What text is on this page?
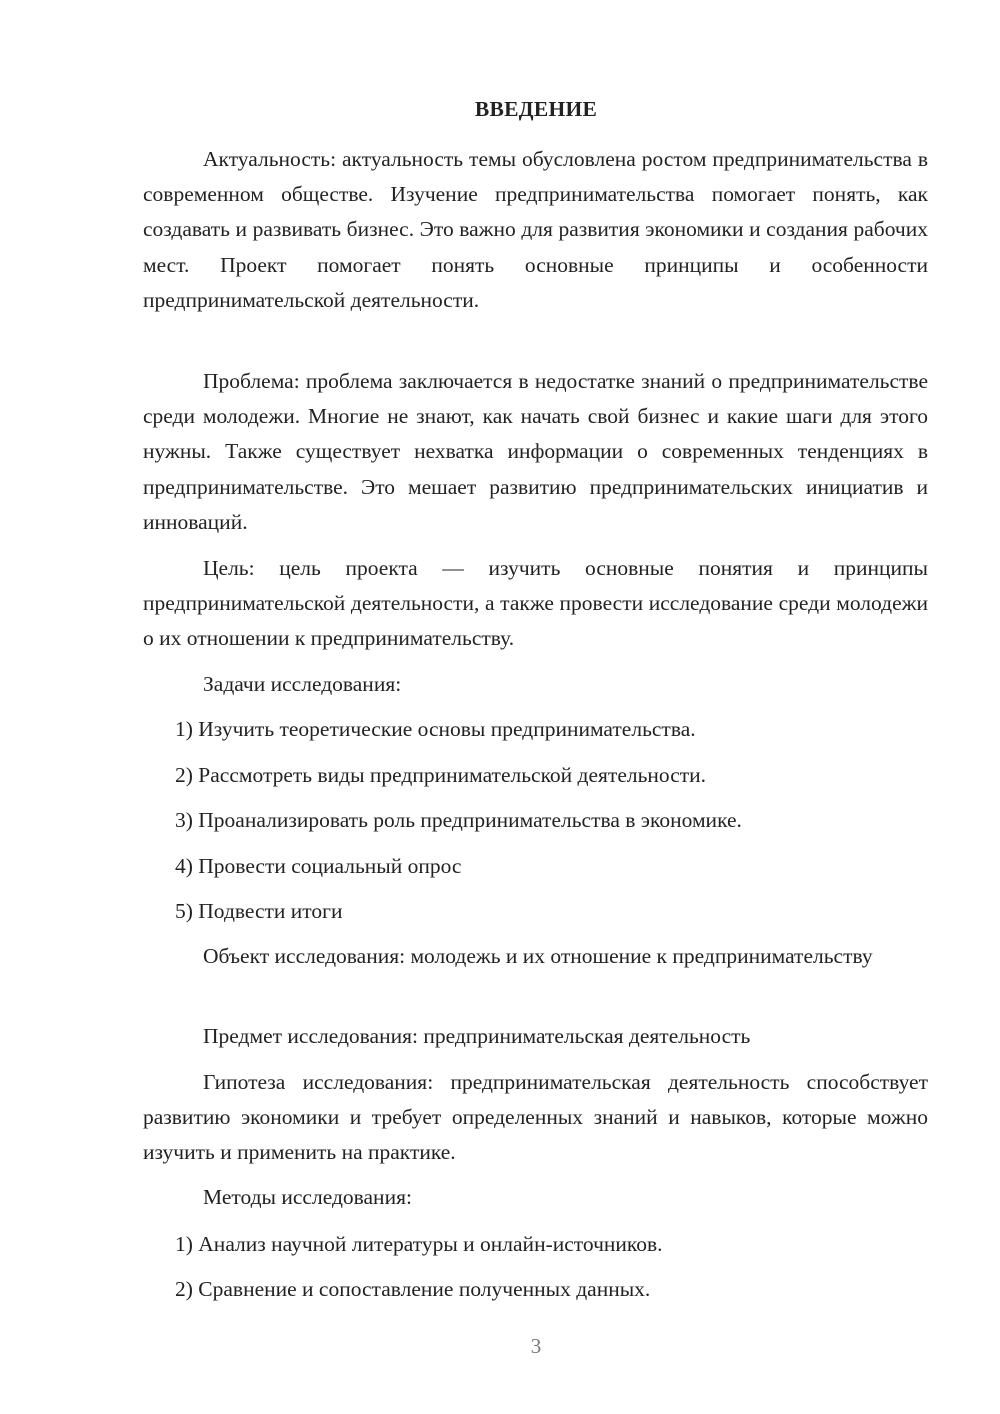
ВВЕДЕНИЕ
Актуальность: актуальность темы обусловлена ростом предпринимательства в современном обществе. Изучение предпринимательства помогает понять, как создавать и развивать бизнес. Это важно для развития экономики и создания рабочих мест. Проект помогает понять основные принципы и особенности предпринимательской деятельности.
Проблема: проблема заключается в недостатке знаний о предпринимательстве среди молодежи. Многие не знают, как начать свой бизнес и какие шаги для этого нужны. Также существует нехватка информации о современных тенденциях в предпринимательстве. Это мешает развитию предпринимательских инициатив и инноваций.
Цель: цель проекта — изучить основные понятия и принципы предпринимательской деятельности, а также провести исследование среди молодежи о их отношении к предпринимательству.
Задачи исследования:
1) Изучить теоретические основы предпринимательства.
2) Рассмотреть виды предпринимательской деятельности.
3) Проанализировать роль предпринимательства в экономике.
4) Провести социальный опрос
5) Подвести итоги
Объект исследования: молодежь и их отношение к предпринимательству
Предмет исследования: предпринимательская деятельность
Гипотеза исследования: предпринимательская деятельность способствует развитию экономики и требует определенных знаний и навыков, которые можно изучить и применить на практике.
Методы исследования:
1) Анализ научной литературы и онлайн-источников.
2) Сравнение и сопоставление полученных данных.
3
